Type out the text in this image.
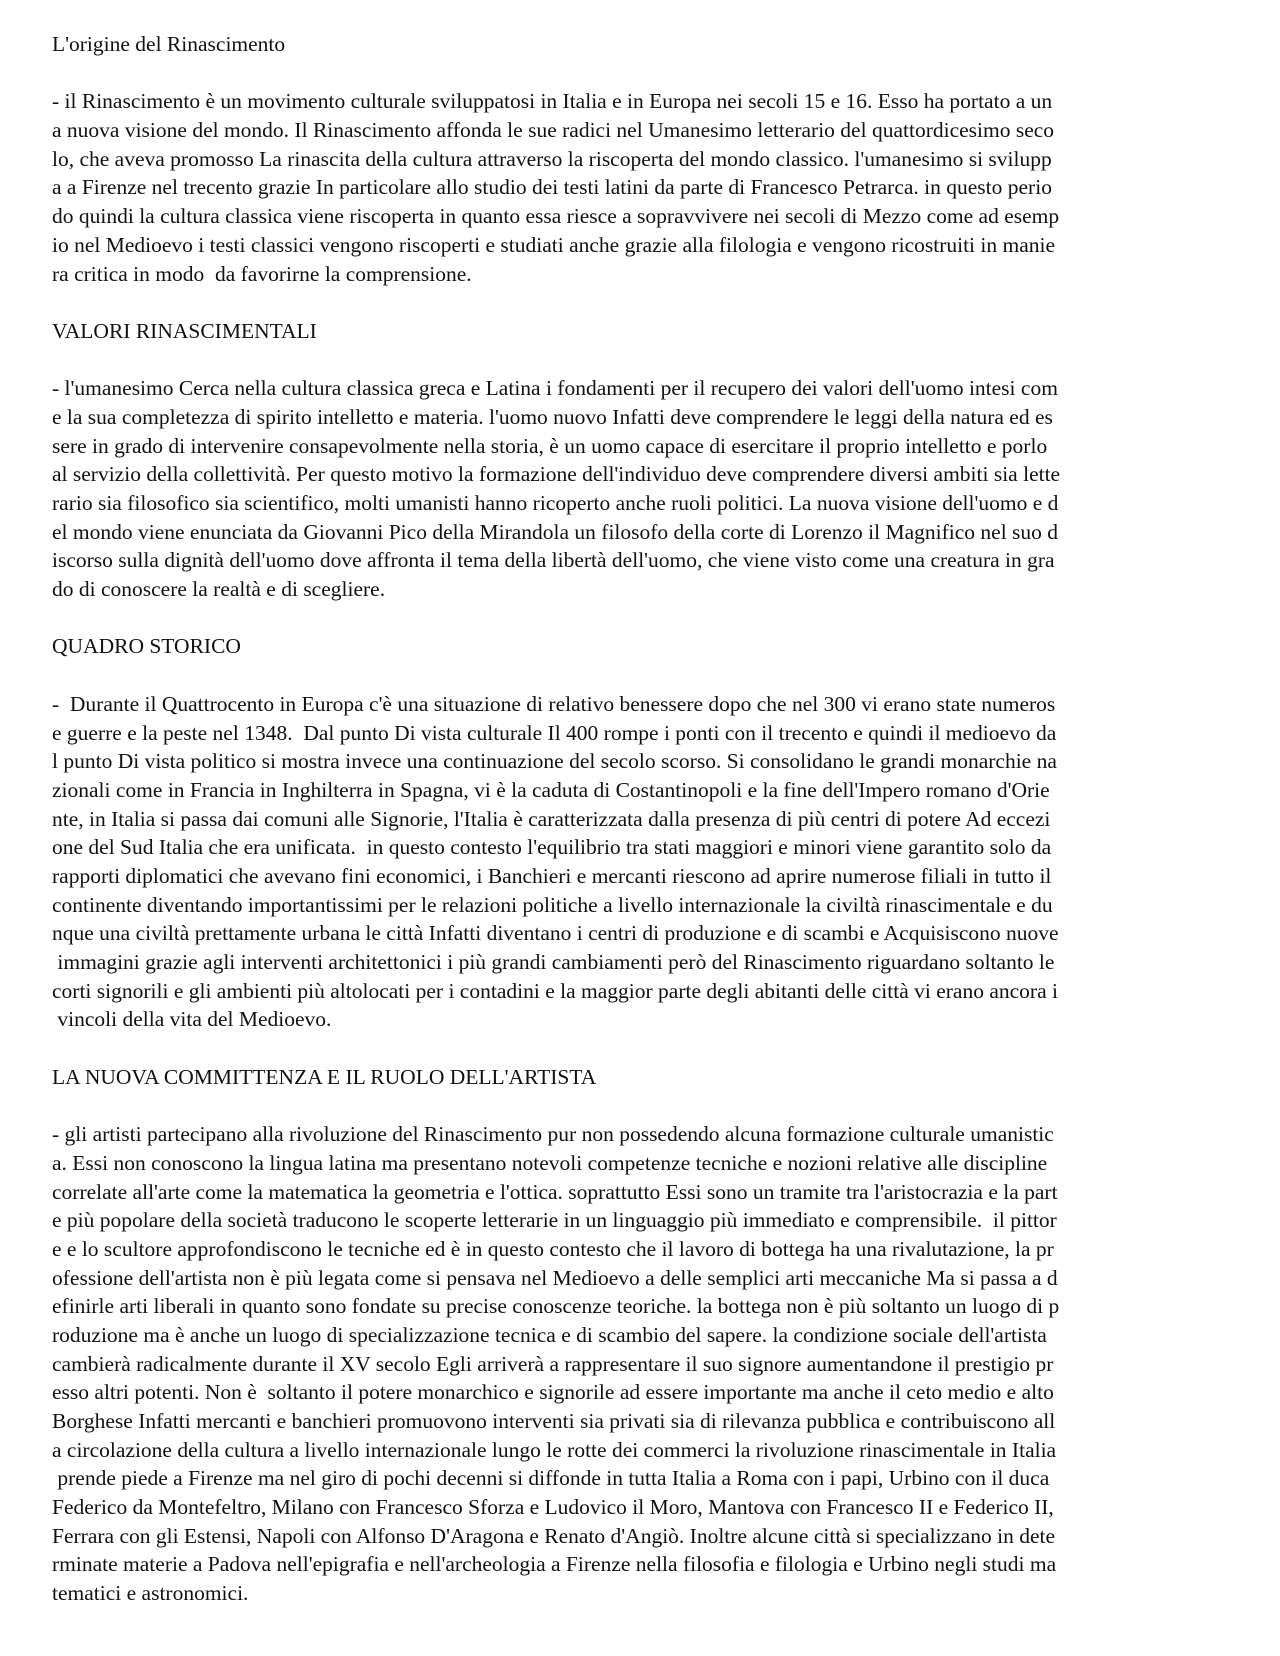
L'origine del Rinascimento
- il Rinascimento è un movimento culturale sviluppatosi in Italia e in Europa nei secoli 15 e 16. Esso ha portato a un
a nuova visione del mondo. Il Rinascimento affonda le sue radici nel Umanesimo letterario del quattordicesimo seco
lo, che aveva promosso La rinascita della cultura attraverso la riscoperta del mondo classico. l'umanesimo si svilupp
a a Firenze nel trecento grazie In particolare allo studio dei testi latini da parte di Francesco Petrarca. in questo perio
do quindi la cultura classica viene riscoperta in quanto essa riesce a sopravvivere nei secoli di Mezzo come ad esemp
io nel Medioevo i testi classici vengono riscoperti e studiati anche grazie alla filologia e vengono ricostruiti in manie
ra critica in modo  da favorirne la comprensione.
VALORI RINASCIMENTALI
- l'umanesimo Cerca nella cultura classica greca e Latina i fondamenti per il recupero dei valori dell'uomo intesi com
e la sua completezza di spirito intelletto e materia. l'uomo nuovo Infatti deve comprendere le leggi della natura ed es
sere in grado di intervenire consapevolmente nella storia, è un uomo capace di esercitare il proprio intelletto e porlo
al servizio della collettività. Per questo motivo la formazione dell'individuo deve comprendere diversi ambiti sia lette
rario sia filosofico sia scientifico, molti umanisti hanno ricoperto anche ruoli politici. La nuova visione dell'uomo e d
el mondo viene enunciata da Giovanni Pico della Mirandola un filosofo della corte di Lorenzo il Magnifico nel suo d
iscorso sulla dignità dell'uomo dove affronta il tema della libertà dell'uomo, che viene visto come una creatura in gra
do di conoscere la realtà e di scegliere.
QUADRO STORICO
-  Durante il Quattrocento in Europa c'è una situazione di relativo benessere dopo che nel 300 vi erano state numeros
e guerre e la peste nel 1348.  Dal punto Di vista culturale Il 400 rompe i ponti con il trecento e quindi il medioevo da
l punto Di vista politico si mostra invece una continuazione del secolo scorso. Si consolidano le grandi monarchie na
zionali come in Francia in Inghilterra in Spagna, vi è la caduta di Costantinopoli e la fine dell'Impero romano d'Orie
nte, in Italia si passa dai comuni alle Signorie, l'Italia è caratterizzata dalla presenza di più centri di potere Ad eccezi
one del Sud Italia che era unificata.  in questo contesto l'equilibrio tra stati maggiori e minori viene garantito solo da
rapporti diplomatici che avevano fini economici, i Banchieri e mercanti riescono ad aprire numerose filiali in tutto il
continente diventando importantissimi per le relazioni politiche a livello internazionale la civiltà rinascimentale e du
nque una civiltà prettamente urbana le città Infatti diventano i centri di produzione e di scambi e Acquisiscono nuove
immagini grazie agli interventi architettonici i più grandi cambiamenti però del Rinascimento riguardano soltanto le
corti signorili e gli ambienti più altolocati per i contadini e la maggior parte degli abitanti delle città vi erano ancora i
vincoli della vita del Medioevo.
LA NUOVA COMMITTENZA E IL RUOLO DELL'ARTISTA
- gli artisti partecipano alla rivoluzione del Rinascimento pur non possedendo alcuna formazione culturale umanistic
a. Essi non conoscono la lingua latina ma presentano notevoli competenze tecniche e nozioni relative alle discipline
correlate all'arte come la matematica la geometria e l'ottica. soprattutto Essi sono un tramite tra l'aristocrazia e la part
e più popolare della società traducono le scoperte letterarie in un linguaggio più immediato e comprensibile.  il pittor
e e lo scultore approfondiscono le tecniche ed è in questo contesto che il lavoro di bottega ha una rivalutazione, la pr
ofessione dell'artista non è più legata come si pensava nel Medioevo a delle semplici arti meccaniche Ma si passa a d
efinirle arti liberali in quanto sono fondate su precise conoscenze teoriche. la bottega non è più soltanto un luogo di p
roduzione ma è anche un luogo di specializzazione tecnica e di scambio del sapere. la condizione sociale dell'artista
cambierà radicalmente durante il XV secolo Egli arriverà a rappresentare il suo signore aumentandone il prestigio pr
esso altri potenti. Non è  soltanto il potere monarchico e signorile ad essere importante ma anche il ceto medio e alto
Borghese Infatti mercanti e banchieri promuovono interventi sia privati sia di rilevanza pubblica e contribuiscono all
a circolazione della cultura a livello internazionale lungo le rotte dei commerci la rivoluzione rinascimentale in Italia
prende piede a Firenze ma nel giro di pochi decenni si diffonde in tutta Italia a Roma con i papi, Urbino con il duca
Federico da Montefeltro, Milano con Francesco Sforza e Ludovico il Moro, Mantova con Francesco II e Federico II,
Ferrara con gli Estensi, Napoli con Alfonso D'Aragona e Renato d'Angiò. Inoltre alcune città si specializzano in dete
rminate materie a Padova nell'epigrafia e nell'archeologia a Firenze nella filosofia e filologia e Urbino negli studi ma
tematici e astronomici.
